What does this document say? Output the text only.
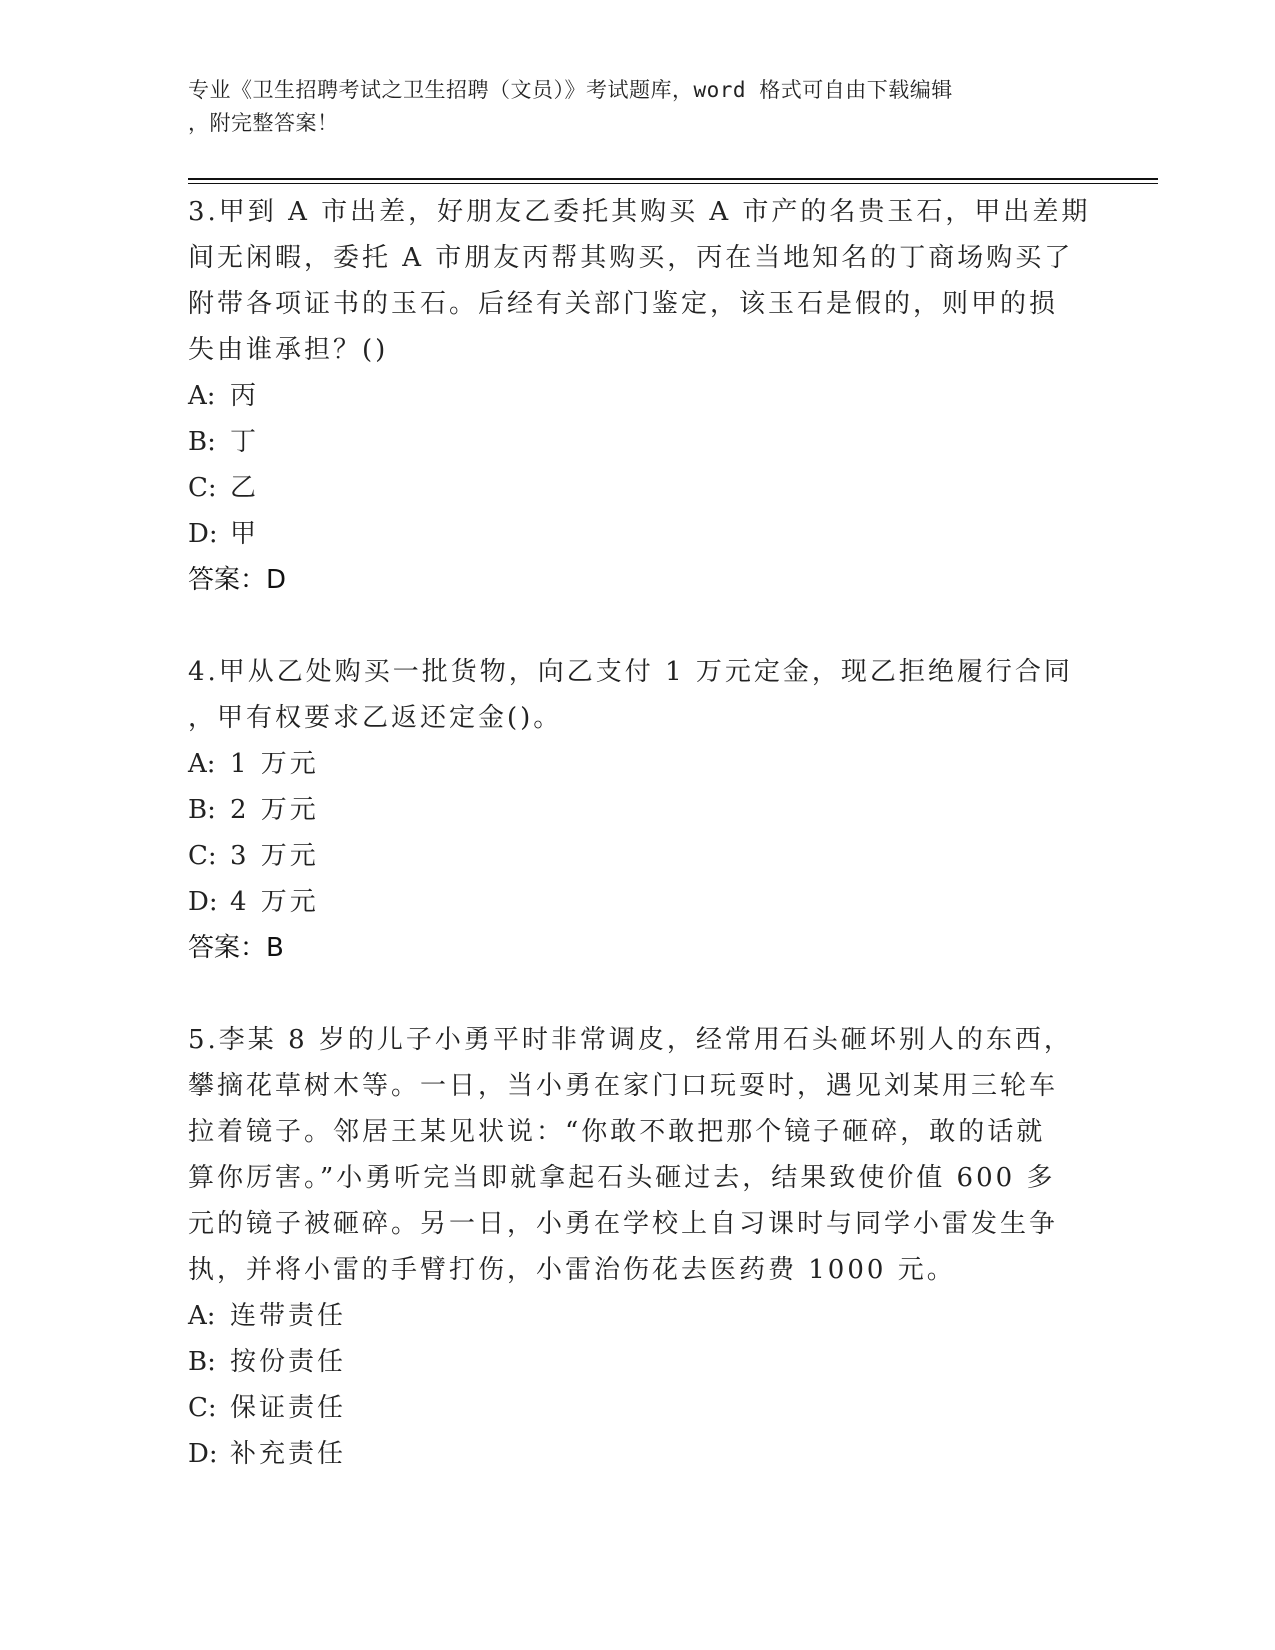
专业《卫生招聘考试之卫生招聘（文员）》考试题库，word 格式可自由下载编辑
，附完整答案！
3.甲到 A 市出差，好朋友乙委托其购买 A 市产的名贵玉石，甲出差期
间无闲暇，委托 A 市朋友丙帮其购买，丙在当地知名的丁商场购买了
附带各项证书的玉石。后经有关部门鉴定，该玉石是假的，则甲的损
失由谁承担？()
A: 丙
B: 丁
C: 乙
D: 甲
答案：D
4.甲从乙处购买一批货物，向乙支付 1 万元定金，现乙拒绝履行合同
，甲有权要求乙返还定金()。
A: 1 万元
B: 2 万元
C: 3 万元
D: 4 万元
答案：B
5.李某 8 岁的儿子小勇平时非常调皮，经常用石头砸坏别人的东西，
攀摘花草树木等。一日，当小勇在家门口玩耍时，遇见刘某用三轮车
拉着镜子。邻居王某见状说：“你敢不敢把那个镜子砸碎，敢的话就
算你厉害。”小勇听完当即就拿起石头砸过去，结果致使价值 600 多
元的镜子被砸碎。另一日，小勇在学校上自习课时与同学小雷发生争
执，并将小雷的手臂打伤，小雷治伤花去医药费 1000 元。
A: 连带责任
B: 按份责任
C: 保证责任
D: 补充责任
